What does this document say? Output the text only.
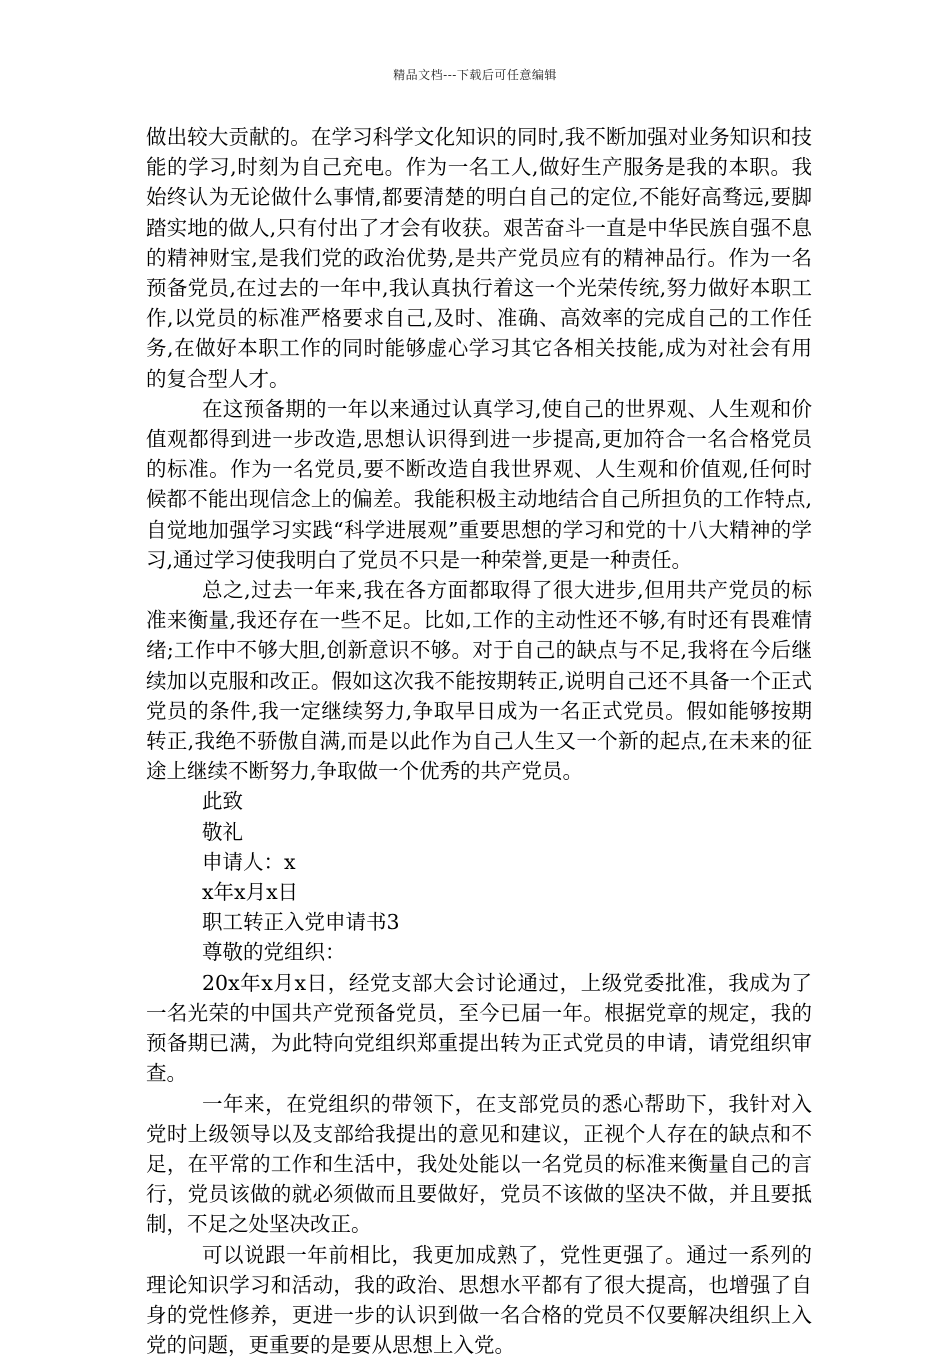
精品文档---下载后可任意编辑

做出较大贡献的。在学习科学文化知识的同时,我不断加强对业务知识和技能的学习,时刻为自己充电。作为一名工人,做好生产服务是我的本职。我始终认为无论做什么事情,都要清楚的明白自己的定位,不能好高骛远,要脚踏实地的做人,只有付出了才会有收获。艰苦奋斗一直是中华民族自强不息的精神财宝,是我们党的政治优势,是共产党员应有的精神品行。作为一名预备党员,在过去的一年中,我认真执行着这一个光荣传统,努力做好本职工作,以党员的标准严格要求自己,及时、准确、高效率的完成自己的工作任务,在做好本职工作的同时能够虚心学习其它各相关技能,成为对社会有用的复合型人才。

在这预备期的一年以来通过认真学习,使自己的世界观、人生观和价值观都得到进一步改造,思想认识得到进一步提高,更加符合一名合格党员的标准。作为一名党员,要不断改造自我世界观、人生观和价值观,任何时候都不能出现信念上的偏差。我能积极主动地结合自己所担负的工作特点,自觉地加强学习实践“科学进展观”重要思想的学习和党的十八大精神的学习,通过学习使我明白了党员不只是一种荣誉,更是一种责任。

总之,过去一年来,我在各方面都取得了很大进步,但用共产党员的标准来衡量,我还存在一些不足。比如,工作的主动性还不够,有时还有畏难情绪;工作中不够大胆,创新意识不够。对于自己的缺点与不足,我将在今后继续加以克服和改正。假如这次我不能按期转正,说明自己还不具备一个正式党员的条件,我一定继续努力,争取早日成为一名正式党员。假如能够按期转正,我绝不骄傲自满,而是以此作为自己人生又一个新的起点,在未来的征途上继续不断努力,争取做一个优秀的共产党员。

此致

敬礼

申请人：x

x年x月x日

职工转正入党申请书3

尊敬的党组织：

20x年x月x日，经党支部大会讨论通过，上级党委批准，我成为了一名光荣的中国共产党预备党员，至今已届一年。根据党章的规定，我的预备期已满，为此特向党组织郑重提出转为正式党员的申请，请党组织审查。

一年来，在党组织的带领下，在支部党员的悉心帮助下，我针对入党时上级领导以及支部给我提出的意见和建议，正视个人存在的缺点和不足，在平常的工作和生活中，我处处能以一名党员的标准来衡量自己的言行，党员该做的就必须做而且要做好，党员不该做的坚决不做，并且要抵制，不足之处坚决改正。

可以说跟一年前相比，我更加成熟了，党性更强了。通过一系列的理论知识学习和活动，我的政治、思想水平都有了很大提高，也增强了自身的党性修养，更进一步的认识到做一名合格的党员不仅要解决组织上入党的问题，更重要的是要从思想上入党。
